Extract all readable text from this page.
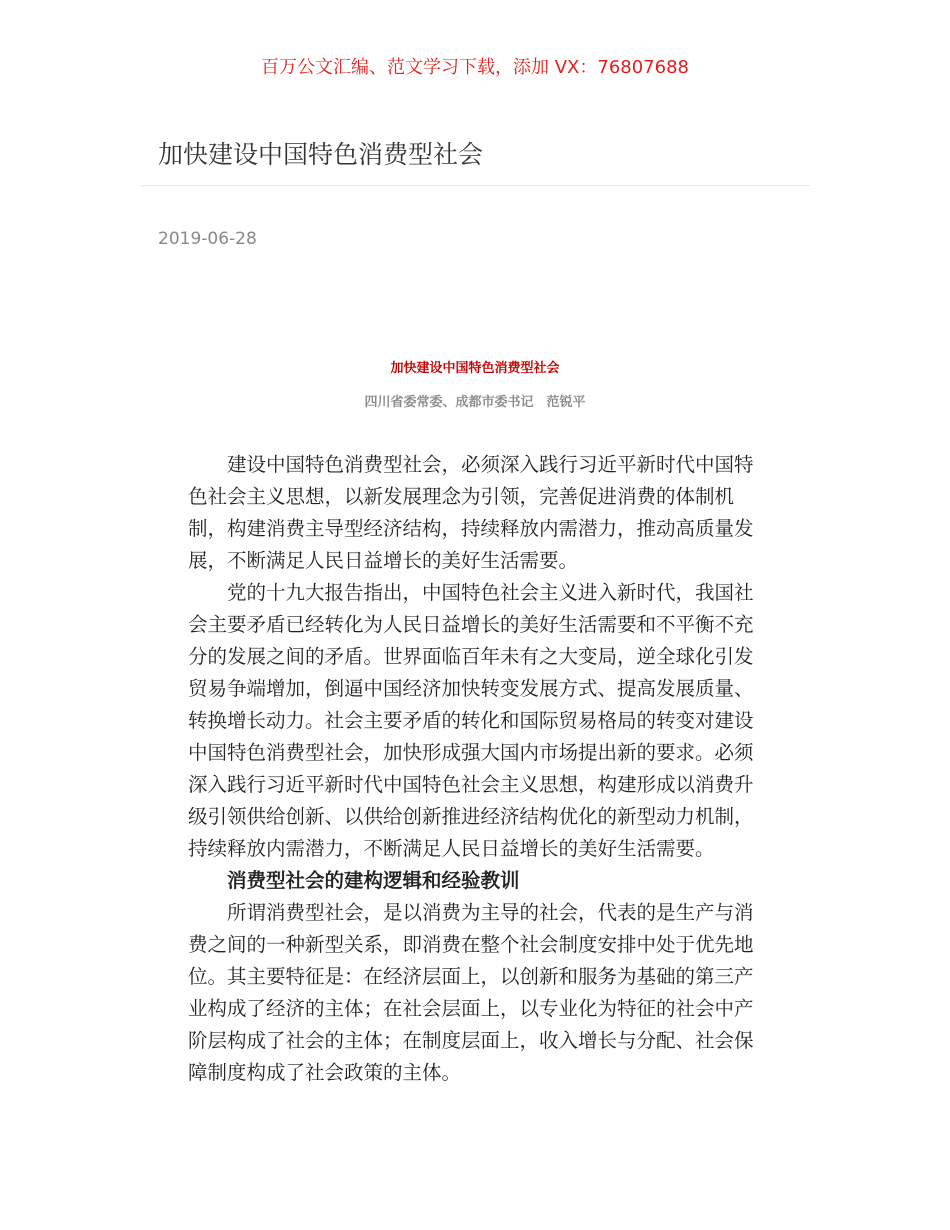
百万公文汇编、范文学习下载，添加 VX：76807688
加快建设中国特色消费型社会
2019-06-28
加快建设中国特色消费型社会
四川省委常委、成都市委书记　范锐平
建设中国特色消费型社会，必须深入践行习近平新时代中国特
色社会主义思想，以新发展理念为引领，完善促进消费的体制机
制，构建消费主导型经济结构，持续释放内需潜力，推动高质量发
展，不断满足人民日益增长的美好生活需要。
党的十九大报告指出，中国特色社会主义进入新时代，我国社
会主要矛盾已经转化为人民日益增长的美好生活需要和不平衡不充
分的发展之间的矛盾。世界面临百年未有之大变局，逆全球化引发
贸易争端增加，倒逼中国经济加快转变发展方式、提高发展质量、
转换增长动力。社会主要矛盾的转化和国际贸易格局的转变对建设
中国特色消费型社会，加快形成强大国内市场提出新的要求。必须
深入践行习近平新时代中国特色社会主义思想，构建形成以消费升
级引领供给创新、以供给创新推进经济结构优化的新型动力机制，
持续释放内需潜力，不断满足人民日益增长的美好生活需要。
消费型社会的建构逻辑和经验教训
所谓消费型社会，是以消费为主导的社会，代表的是生产与消
费之间的一种新型关系，即消费在整个社会制度安排中处于优先地
位。其主要特征是：在经济层面上，以创新和服务为基础的第三产
业构成了经济的主体；在社会层面上，以专业化为特征的社会中产
阶层构成了社会的主体；在制度层面上，收入增长与分配、社会保
障制度构成了社会政策的主体。
